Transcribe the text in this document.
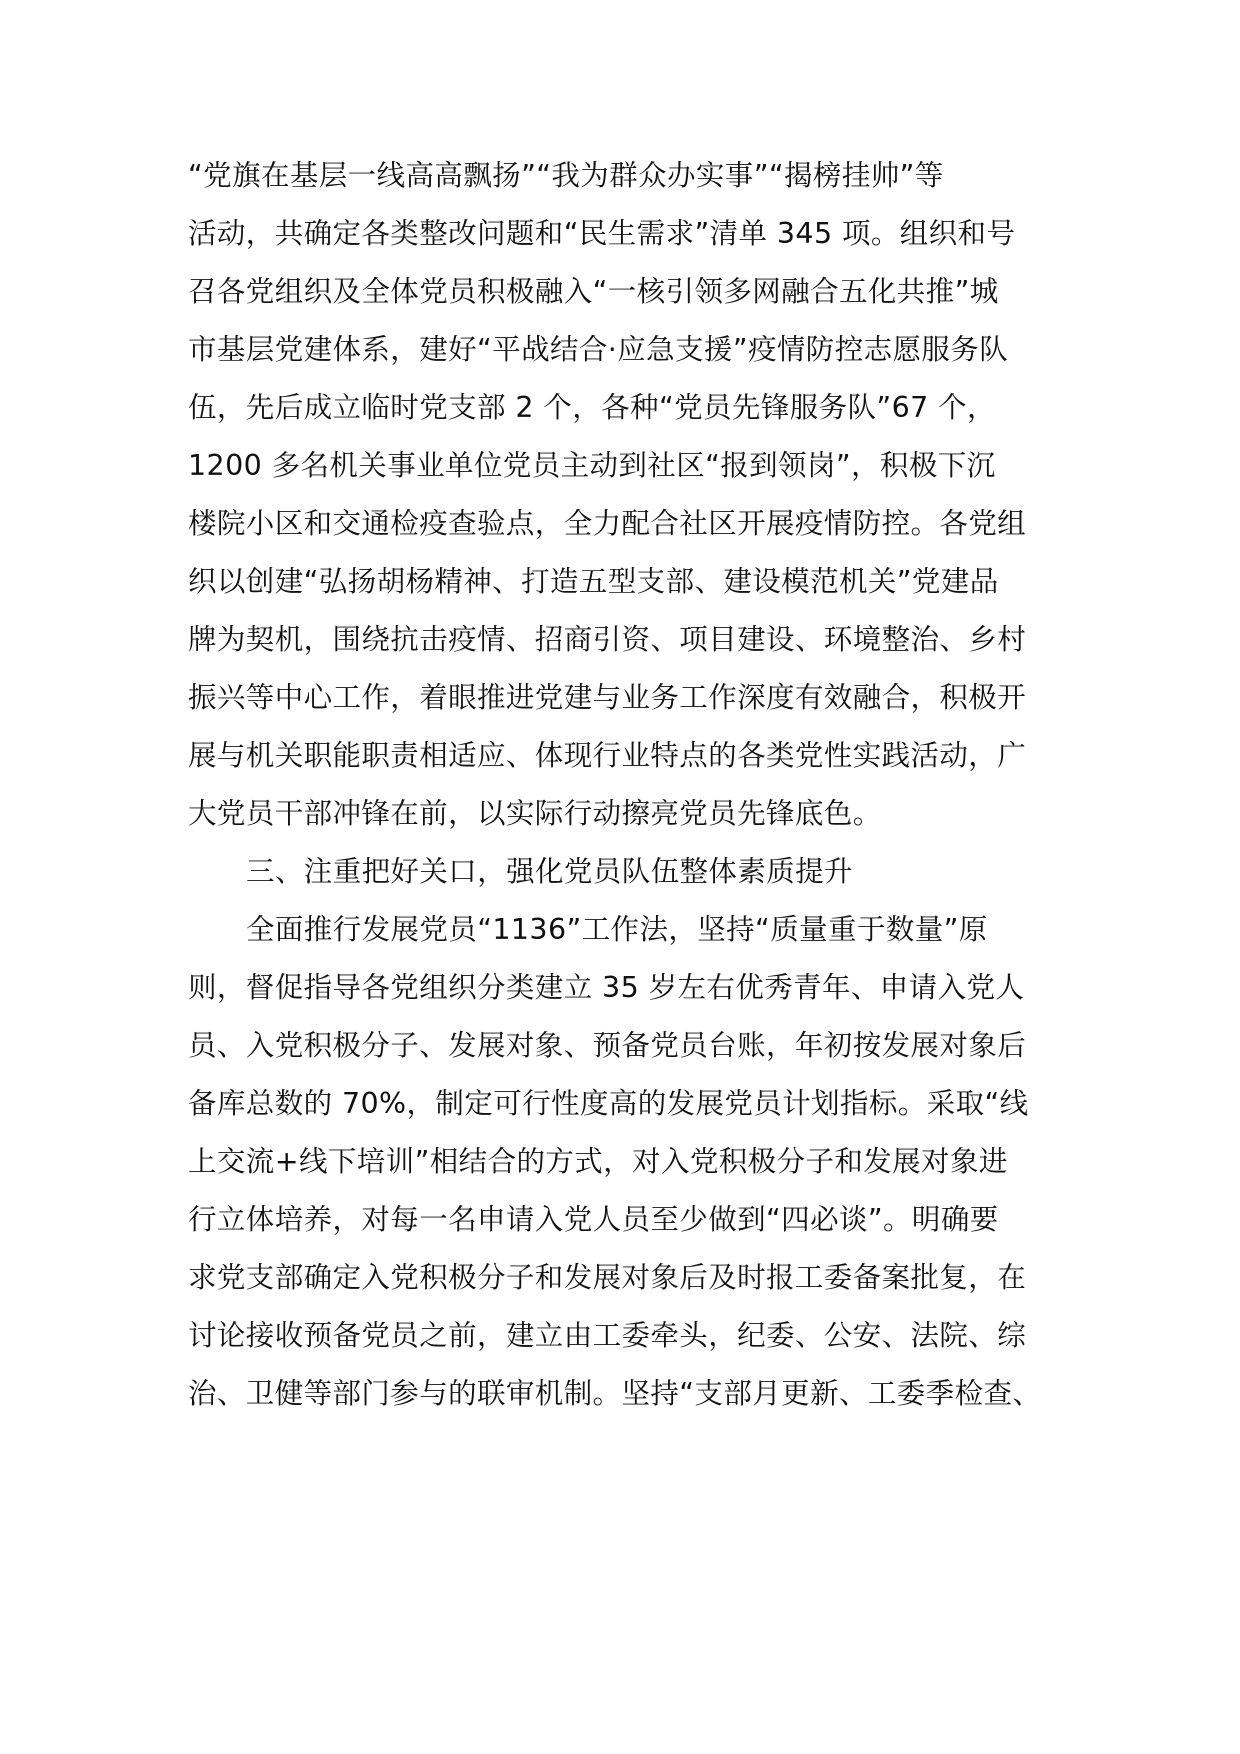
“党旗在基层一线高高飘扬”“我为群众办实事”“揭榜挂帅”等
活动，共确定各类整改问题和“民生需求”清单 345 项。组织和号
召各党组织及全体党员积极融入“一核引领多网融合五化共推”城
市基层党建体系，建好“平战结合·应急支援”疫情防控志愿服务队
伍，先后成立临时党支部 2 个，各种“党员先锋服务队”67 个，
1200 多名机关事业单位党员主动到社区“报到领岗”，积极下沉
楼院小区和交通检疫查验点，全力配合社区开展疫情防控。各党组
织以创建“弘扬胡杨精神、打造五型支部、建设模范机关”党建品
牌为契机，围绕抗击疫情、招商引资、项目建设、环境整治、乡村
振兴等中心工作，着眼推进党建与业务工作深度有效融合，积极开
展与机关职能职责相适应、体现行业特点的各类党性实践活动，广
大党员干部冲锋在前，以实际行动擦亮党员先锋底色。
三、注重把好关口，强化党员队伍整体素质提升
全面推行发展党员“1136”工作法，坚持“质量重于数量”原
则，督促指导各党组织分类建立 35 岁左右优秀青年、申请入党人
员、入党积极分子、发展对象、预备党员台账，年初按发展对象后
备库总数的 70%，制定可行性度高的发展党员计划指标。采取“线
上交流+线下培训”相结合的方式，对入党积极分子和发展对象进
行立体培养，对每一名申请入党人员至少做到“四必谈”。明确要
求党支部确定入党积极分子和发展对象后及时报工委备案批复，在
讨论接收预备党员之前，建立由工委牵头，纪委、公安、法院、综
治、卫健等部门参与的联审机制。坚持“支部月更新、工委季检查、
